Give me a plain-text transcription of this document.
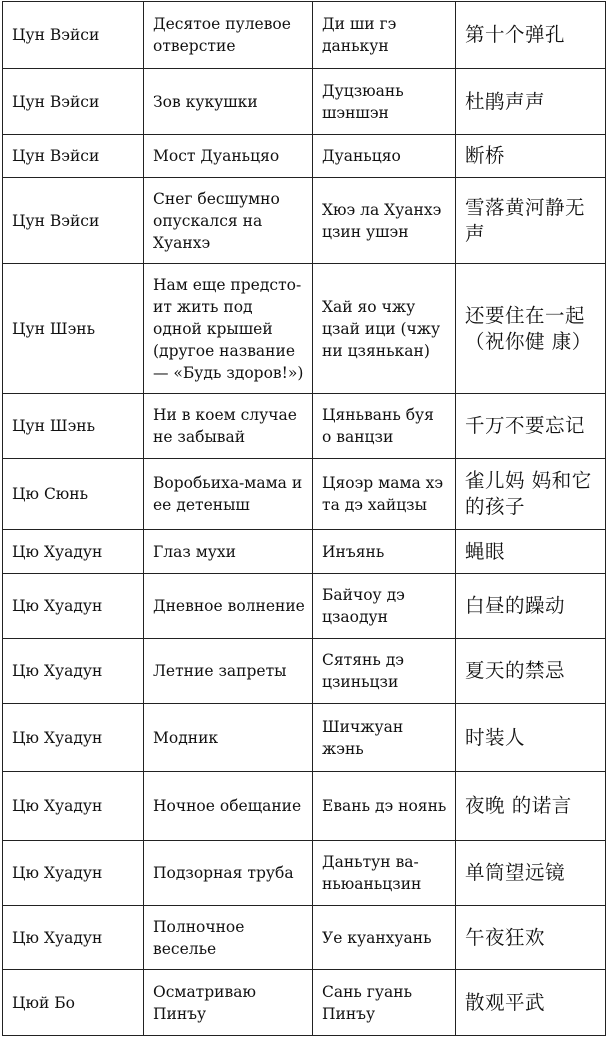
Цун Вэйси	Десятое пулевое отверстие	Ди ши гэ данькун	第十个弹孔
Цун Вэйси	Зов кукушки	Дуцзюань шэншэн	杜鹃声声
Цун Вэйси	Мост Дуаньцяо	Дуаньцяо	断桥
Цун Вэйси	Снег бесшумно опускался на Хуанхэ	Хюэ ла Хуанхэ цзин ушэн	雪落黄河静无声
Цун Шэнь	Нам еще предстоит жить под одной крышей (другое название — «Будь здоров!»)	Хай яо чжу цзай ици (чжу ни цзянькан)	还要住在一起（祝你健 康）
Цун Шэнь	Ни в коем случае не забывай	Цяньвань буя о ванцзи	千万不要忘记
Цю Сюнь	Воробьиха-мама и ее детеныш	Цяоэр мама хэ та дэ хайцзы	雀儿妈 妈和它的孩子
Цю Хуадун	Глаз мухи	Инъянь	蝇眼
Цю Хуадун	Дневное волнение	Байчоу дэ цзаодун	白昼的躁动
Цю Хуадун	Летние запреты	Сятянь дэ цзиньцзи	夏天的禁忌
Цю Хуадун	Модник	Шичжуан жэнь	时装人
Цю Хуадун	Ночное обещание	Евань дэ ноянь	夜晚 的诺言
Цю Хуадун	Подзорная труба	Даньтун ваньюаньцзин	单筒望远镜
Цю Хуадун	Полночное веселье	Уе куанхуань	午夜狂欢
Цюй Бо	Осматриваю Пинъу	Сань гуань Пинъу	散观平武
